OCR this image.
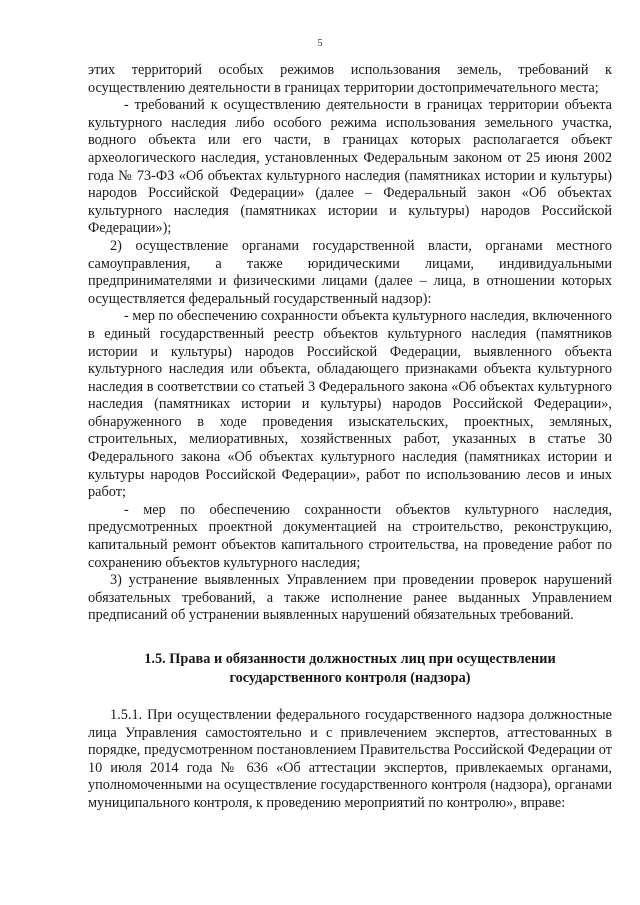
5

этих территорий особых режимов использования земель, требований к осуществлению деятельности в границах территории достопримечательного места;

- требований к осуществлению деятельности в границах территории объекта культурного наследия либо особого режима использования земельного участка, водного объекта или его части, в границах которых располагается объект археологического наследия, установленных Федеральным законом от 25 июня 2002 года № 73-ФЗ «Об объектах культурного наследия (памятниках истории и культуры) народов Российской Федерации» (далее – Федеральный закон «Об объектах культурного наследия (памятниках истории и культуры) народов Российской Федерации»);

2) осуществление органами государственной власти, органами местного самоуправления, а также юридическими лицами, индивидуальными предпринимателями и физическими лицами (далее – лица, в отношении которых осуществляется федеральный государственный надзор):

- мер по обеспечению сохранности объекта культурного наследия, включенного в единый государственный реестр объектов культурного наследия (памятников истории и культуры) народов Российской Федерации, выявленного объекта культурного наследия или объекта, обладающего признаками объекта культурного наследия в соответствии со статьей 3 Федерального закона «Об объектах культурного наследия (памятниках истории и культуры) народов Российской Федерации», обнаруженного в ходе проведения изыскательских, проектных, земляных, строительных, мелиоративных, хозяйственных работ, указанных в статье 30 Федерального закона «Об объектах культурного наследия (памятниках истории и культуры народов Российской Федерации», работ по использованию лесов и иных работ;

- мер по обеспечению сохранности объектов культурного наследия, предусмотренных проектной документацией на строительство, реконструкцию, капитальный ремонт объектов капитального строительства, на проведение работ по сохранению объектов культурного наследия;

3) устранение выявленных Управлением при проведении проверок нарушений обязательных требований, а также исполнение ранее выданных Управлением предписаний об устранении выявленных нарушений обязательных требований.

1.5. Права и обязанности должностных лиц при осуществлении государственного контроля (надзора)

1.5.1. При осуществлении федерального государственного надзора должностные лица Управления самостоятельно и с привлечением экспертов, аттестованных в порядке, предусмотренном постановлением Правительства Российской Федерации от 10 июля 2014 года № 636 «Об аттестации экспертов, привлекаемых органами, уполномоченными на осуществление государственного контроля (надзора), органами муниципального контроля, к проведению мероприятий по контролю», вправе:
